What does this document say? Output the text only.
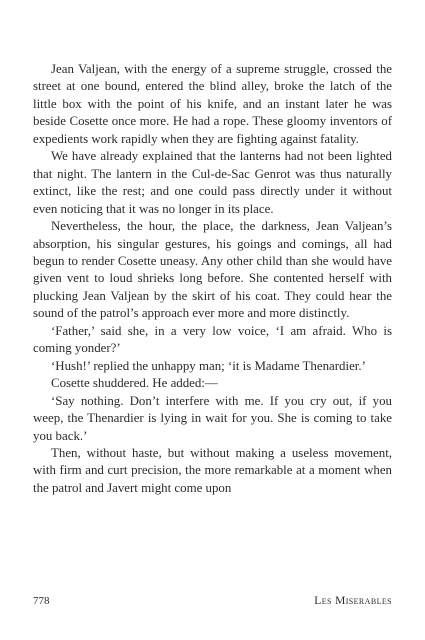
Jean Valjean, with the energy of a supreme struggle, crossed the street at one bound, entered the blind alley, broke the latch of the little box with the point of his knife, and an instant later he was beside Cosette once more. He had a rope. These gloomy inventors of expedients work rapidly when they are fighting against fatality.

We have already explained that the lanterns had not been lighted that night. The lantern in the Cul-de-Sac Genrot was thus naturally extinct, like the rest; and one could pass directly under it without even noticing that it was no longer in its place.

Nevertheless, the hour, the place, the darkness, Jean Valjean’s absorption, his singular gestures, his goings and comings, all had begun to render Cosette uneasy. Any other child than she would have given vent to loud shrieks long before. She contented herself with plucking Jean Valjean by the skirt of his coat. They could hear the sound of the patrol’s approach ever more and more distinctly.

‘Father,’ said she, in a very low voice, ‘I am afraid. Who is coming yonder?’

‘Hush!’ replied the unhappy man; ‘it is Madame Thenardier.’

Cosette shuddered. He added:—

‘Say nothing. Don’t interfere with me. If you cry out, if you weep, the Thenardier is lying in wait for you. She is coming to take you back.’

Then, without haste, but without making a useless movement, with firm and curt precision, the more remarkable at a moment when the patrol and Javert might come upon

778	Les Miserables
